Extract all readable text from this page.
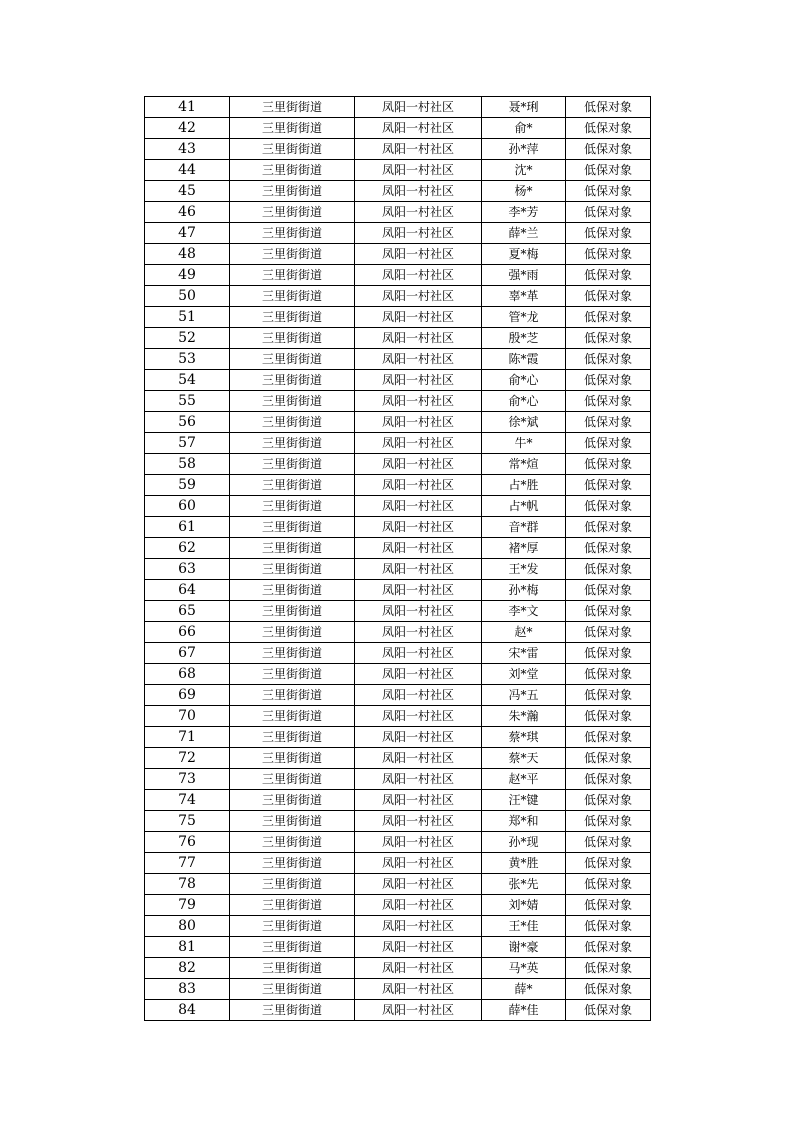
41	三里街街道	凤阳一村社区	聂*琍	低保对象
42	三里街街道	凤阳一村社区	俞*	低保对象
43	三里街街道	凤阳一村社区	孙*萍	低保对象
44	三里街街道	凤阳一村社区	沈*	低保对象
45	三里街街道	凤阳一村社区	杨*	低保对象
46	三里街街道	凤阳一村社区	李*芳	低保对象
47	三里街街道	凤阳一村社区	薛*兰	低保对象
48	三里街街道	凤阳一村社区	夏*梅	低保对象
49	三里街街道	凤阳一村社区	强*雨	低保对象
50	三里街街道	凤阳一村社区	辜*革	低保对象
51	三里街街道	凤阳一村社区	管*龙	低保对象
52	三里街街道	凤阳一村社区	殷*芝	低保对象
53	三里街街道	凤阳一村社区	陈*霞	低保对象
54	三里街街道	凤阳一村社区	俞*心	低保对象
55	三里街街道	凤阳一村社区	俞*心	低保对象
56	三里街街道	凤阳一村社区	徐*斌	低保对象
57	三里街街道	凤阳一村社区	牛*	低保对象
58	三里街街道	凤阳一村社区	常*煊	低保对象
59	三里街街道	凤阳一村社区	占*胜	低保对象
60	三里街街道	凤阳一村社区	占*帆	低保对象
61	三里街街道	凤阳一村社区	音*群	低保对象
62	三里街街道	凤阳一村社区	褚*厚	低保对象
63	三里街街道	凤阳一村社区	王*发	低保对象
64	三里街街道	凤阳一村社区	孙*梅	低保对象
65	三里街街道	凤阳一村社区	李*文	低保对象
66	三里街街道	凤阳一村社区	赵*	低保对象
67	三里街街道	凤阳一村社区	宋*雷	低保对象
68	三里街街道	凤阳一村社区	刘*堂	低保对象
69	三里街街道	凤阳一村社区	冯*五	低保对象
70	三里街街道	凤阳一村社区	朱*瀚	低保对象
71	三里街街道	凤阳一村社区	蔡*琪	低保对象
72	三里街街道	凤阳一村社区	蔡*天	低保对象
73	三里街街道	凤阳一村社区	赵*平	低保对象
74	三里街街道	凤阳一村社区	汪*键	低保对象
75	三里街街道	凤阳一村社区	郑*和	低保对象
76	三里街街道	凤阳一村社区	孙*现	低保对象
77	三里街街道	凤阳一村社区	黄*胜	低保对象
78	三里街街道	凤阳一村社区	张*先	低保对象
79	三里街街道	凤阳一村社区	刘*婧	低保对象
80	三里街街道	凤阳一村社区	王*佳	低保对象
81	三里街街道	凤阳一村社区	谢*豪	低保对象
82	三里街街道	凤阳一村社区	马*英	低保对象
83	三里街街道	凤阳一村社区	薛*	低保对象
84	三里街街道	凤阳一村社区	薛*佳	低保对象
